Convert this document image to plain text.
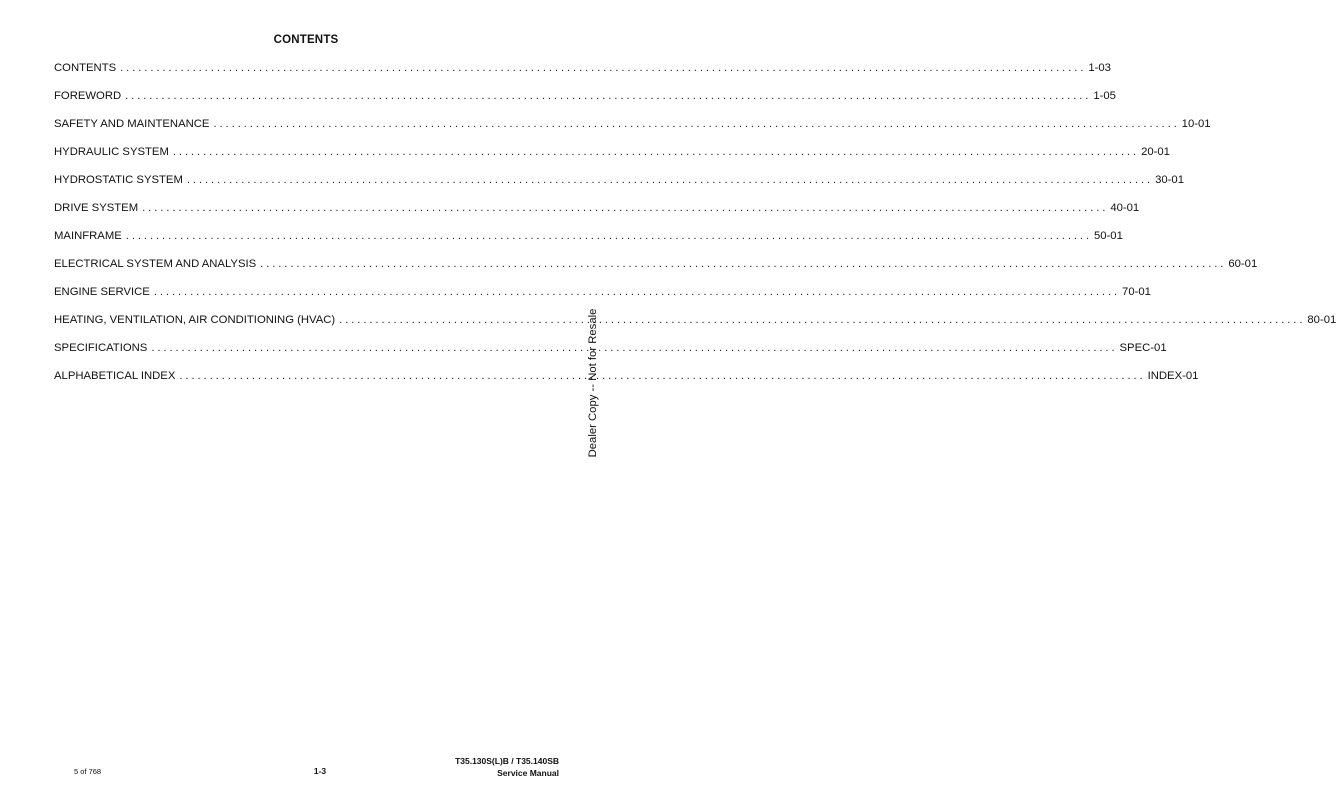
CONTENTS
CONTENTS ................................................................................................................................................................ 1-03
FOREWORD ................................................................................................................................................................ 1-05
SAFETY AND MAINTENANCE ................................................................................................................................................................ 10-01
HYDRAULIC SYSTEM ................................................................................................................................................................ 20-01
HYDROSTATIC SYSTEM ................................................................................................................................................................ 30-01
DRIVE SYSTEM ................................................................................................................................................................ 40-01
MAINFRAME ................................................................................................................................................................ 50-01
ELECTRICAL SYSTEM AND ANALYSIS ................................................................................................................................................................ 60-01
ENGINE SERVICE ................................................................................................................................................................ 70-01
HEATING, VENTILATION, AIR CONDITIONING (HVAC) ................................................................................................................................................................ 80-01
SPECIFICATIONS ................................................................................................................................................................ SPEC-01
ALPHABETICAL INDEX ................................................................................................................................................................ INDEX-01
Dealer Copy -- Not for Resale
5 of 768	1-3
T35.130S(L)B / T35.140SB
Service Manual
